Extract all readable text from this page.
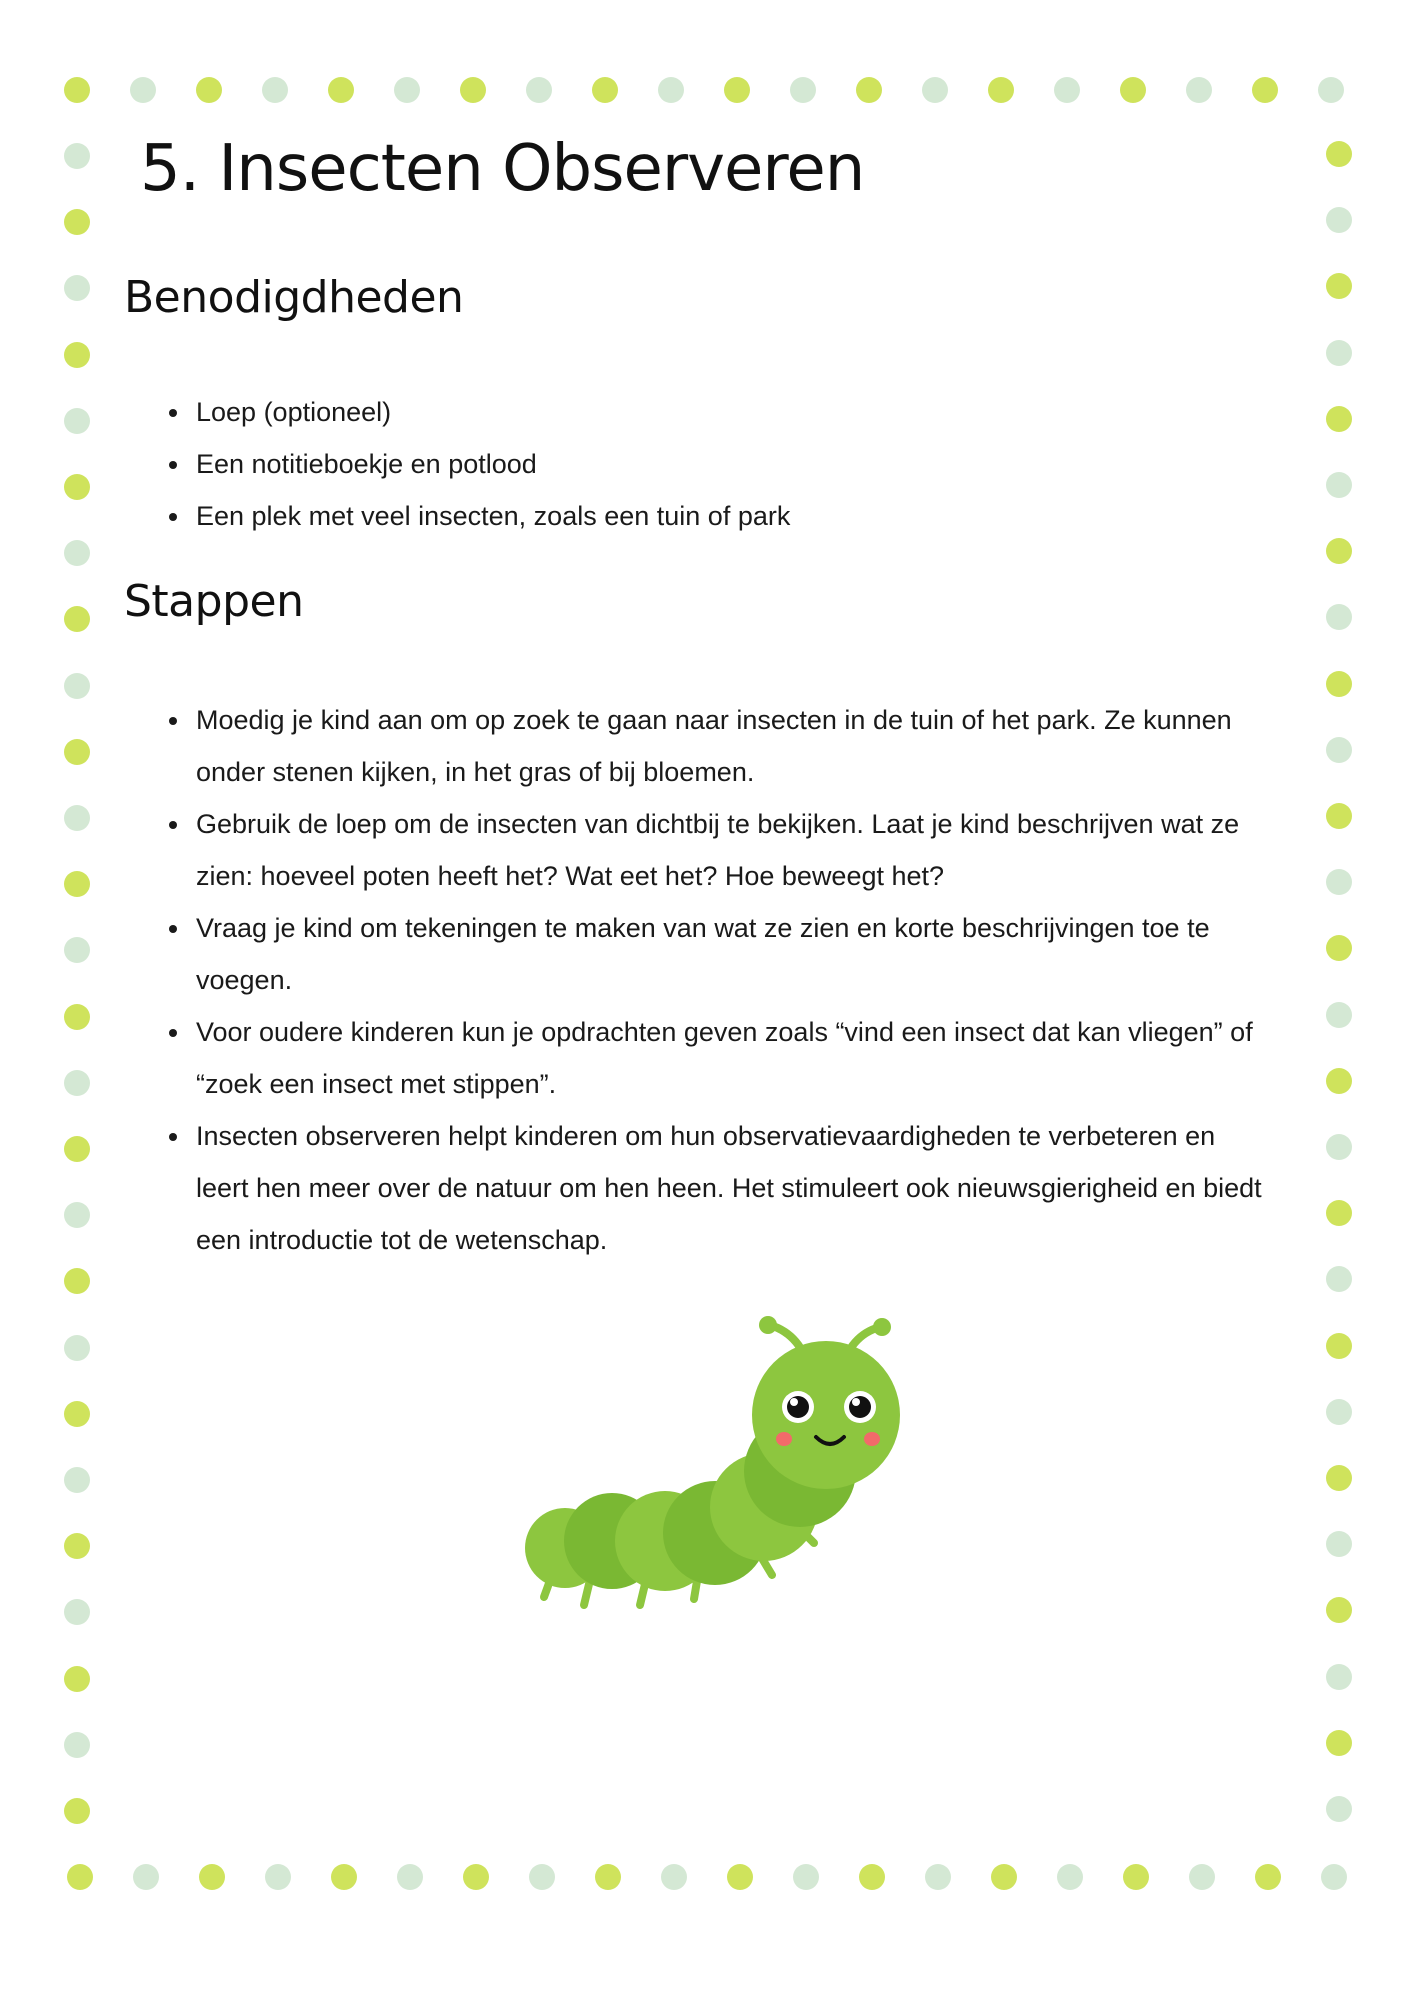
5. Insecten Observeren
Benodigdheden
• Loep (optioneel)
• Een notitieboekje en potlood
• Een plek met veel insecten, zoals een tuin of park
Stappen
• Moedig je kind aan om op zoek te gaan naar insecten in de tuin of het park. Ze kunnen onder stenen kijken, in het gras of bij bloemen.
• Gebruik de loep om de insecten van dichtbij te bekijken. Laat je kind beschrijven wat ze zien: hoeveel poten heeft het? Wat eet het? Hoe beweegt het?
• Vraag je kind om tekeningen te maken van wat ze zien en korte beschrijvingen toe te voegen.
• Voor oudere kinderen kun je opdrachten geven zoals “vind een insect dat kan vliegen” of “zoek een insect met stippen”.
• Insecten observeren helpt kinderen om hun observatievaardigheden te verbeteren en leert hen meer over de natuur om hen heen. Het stimuleert ook nieuwsgierigheid en biedt een introductie tot de wetenschap.
